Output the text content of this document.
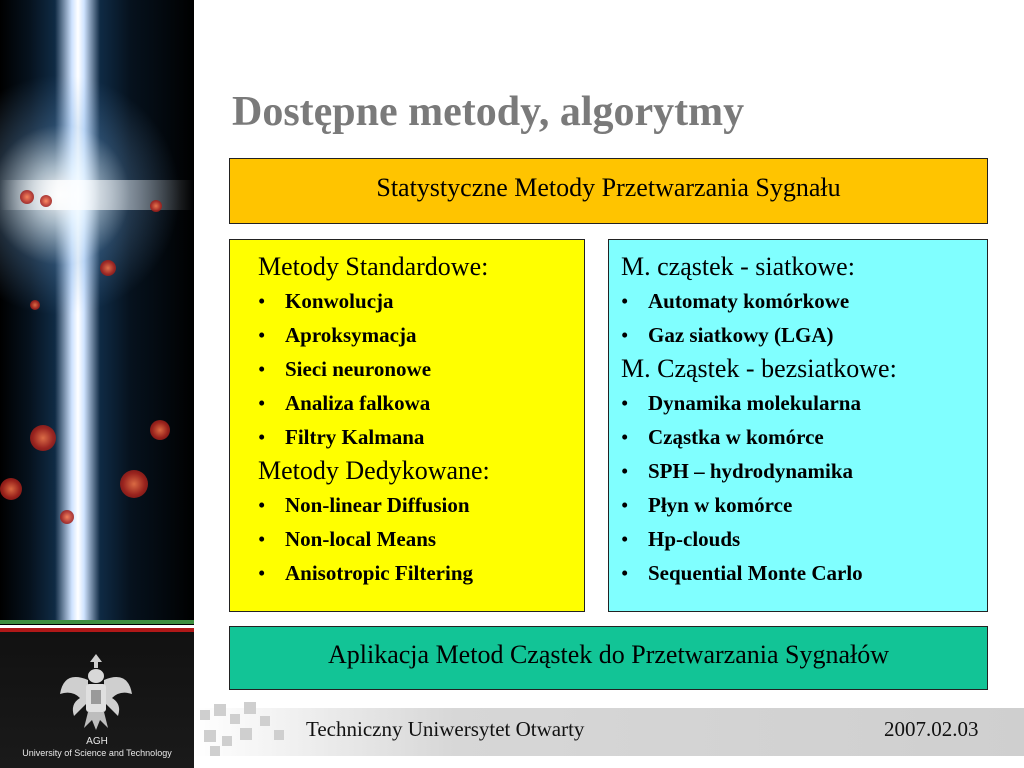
AGH
University of Science and Technology
Dostępne metody, algorytmy
Statystyczne Metody Przetwarzania Sygnału
Metody Standardowe:
• Konwolucja
• Aproksymacja
• Sieci neuronowe
• Analiza falkowa
• Filtry Kalmana
Metody Dedykowane:
• Non-linear Diffusion
• Non-local Means
• Anisotropic Filtering
M. cząstek - siatkowe:
• Automaty komórkowe
• Gaz siatkowy (LGA)
M. Cząstek - bezsiatkowe:
• Dynamika molekularna
• Cząstka w komórce
• SPH – hydrodynamika
• Płyn w komórce
• Hp-clouds
• Sequential Monte Carlo
Aplikacja Metod Cząstek do Przetwarzania Sygnałów
Techniczny Uniwersytet Otwarty	2007.02.03
